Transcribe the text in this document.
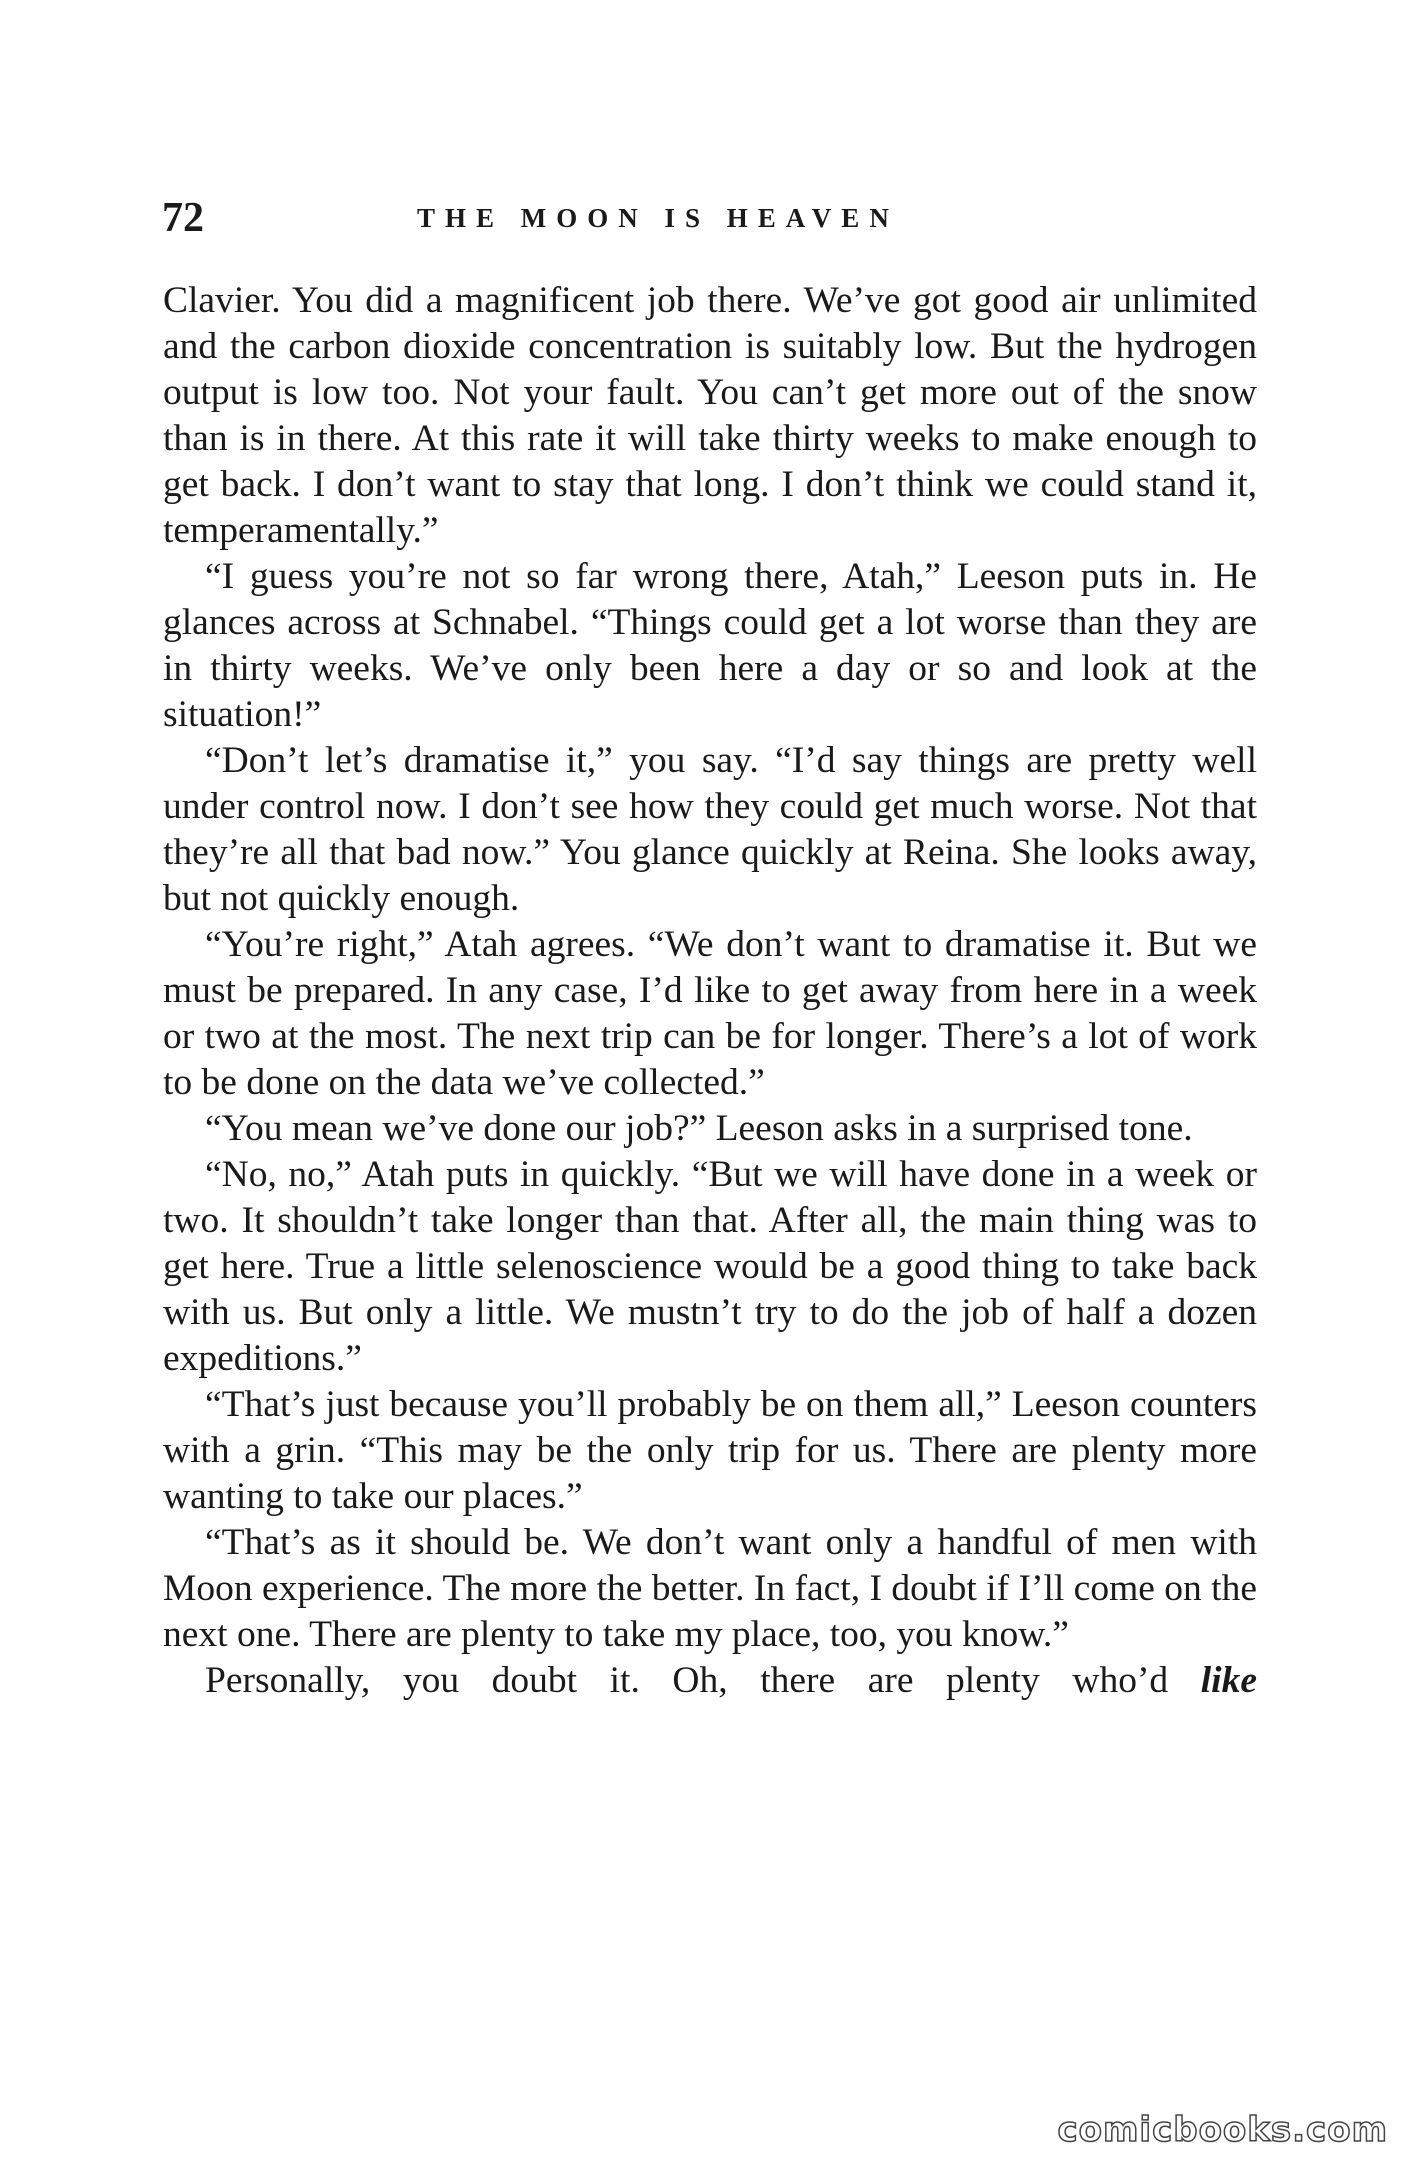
72	THE MOON IS HEAVEN

Clavier. You did a magnificent job there. We’ve got good air unlimited and the carbon dioxide concentration is suitably low. But the hydrogen output is low too. Not your fault. You can’t get more out of the snow than is in there. At this rate it will take thirty weeks to make enough to get back. I don’t want to stay that long. I don’t think we could stand it, temperamentally.”

“I guess you’re not so far wrong there, Atah,” Leeson puts in. He glances across at Schnabel. “Things could get a lot worse than they are in thirty weeks. We’ve only been here a day or so and look at the situation!”

“Don’t let’s dramatise it,” you say. “I’d say things are pretty well under control now. I don’t see how they could get much worse. Not that they’re all that bad now.” You glance quickly at Reina. She looks away, but not quickly enough.

“You’re right,” Atah agrees. “We don’t want to dramatise it. But we must be prepared. In any case, I’d like to get away from here in a week or two at the most. The next trip can be for longer. There’s a lot of work to be done on the data we’ve collected.”

“You mean we’ve done our job?” Leeson asks in a surprised tone.

“No, no,” Atah puts in quickly. “But we will have done in a week or two. It shouldn’t take longer than that. After all, the main thing was to get here. True a little selenoscience would be a good thing to take back with us. But only a little. We mustn’t try to do the job of half a dozen expeditions.”

“That’s just because you’ll probably be on them all,” Leeson counters with a grin. “This may be the only trip for us. There are plenty more wanting to take our places.”

“That’s as it should be. We don’t want only a handful of men with Moon experience. The more the better. In fact, I doubt if I’ll come on the next one. There are plenty to take my place, too, you know.”

Personally, you doubt it. Oh, there are plenty who’d like

comicbooks.com
